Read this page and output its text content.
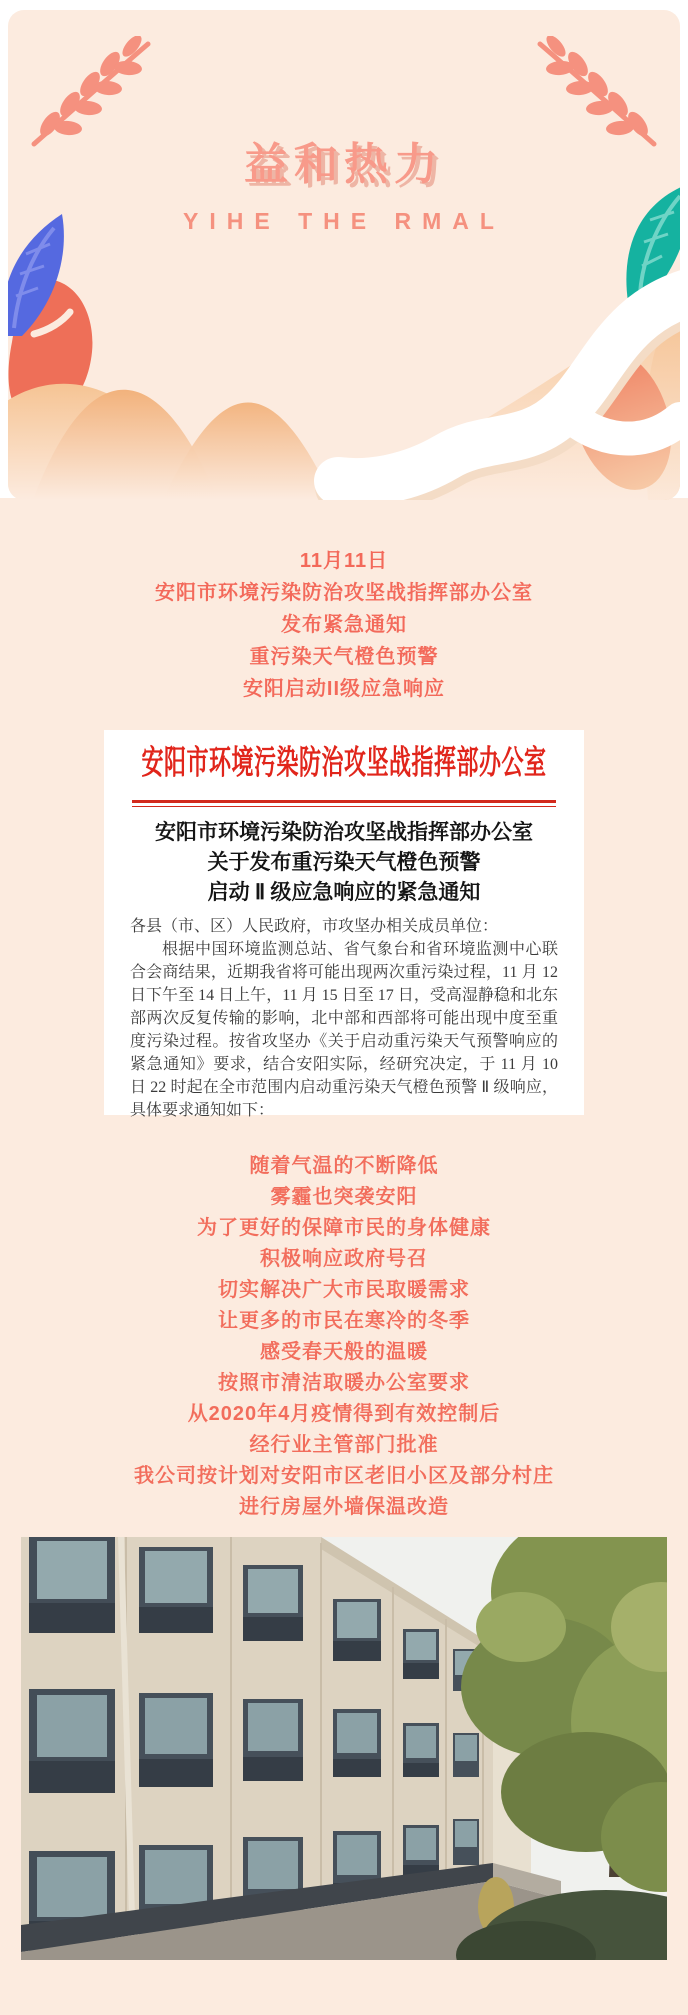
益和热力
YIHE THE RMAL

11月11日

安阳市环境污染防治攻坚战指挥部办公室

发布紧急通知

重污染天气橙色预警

安阳启动II级应急响应

安阳市环境污染防治攻坚战指挥部办公室

安阳市环境污染防治攻坚战指挥部办公室

关于发布重污染天气橙色预警

启动 Ⅱ 级应急响应的紧急通知

各县（市、区）人民政府，市攻坚办相关成员单位：

根据中国环境监测总站、省气象台和省环境监测中心联合会商结果，近期我省将可能出现两次重污染过程，11 月 12 日下午至 14 日上午，11 月 15 日至 17 日，受高湿静稳和北东部两次反复传输的影响，北中部和西部将可能出现中度至重度污染过程。按省攻坚办《关于启动重污染天气预警响应的紧急通知》要求，结合安阳实际，经研究决定，于 11 月 10 日 22 时起在全市范围内启动重污染天气橙色预警 Ⅱ 级响应，具体要求通知如下：

随着气温的不断降低

雾霾也突袭安阳

为了更好的保障市民的身体健康

积极响应政府号召

切实解决广大市民取暖需求

让更多的市民在寒冷的冬季

感受春天般的温暖

按照市清洁取暖办公室要求

从2020年4月疫情得到有效控制后

经行业主管部门批准

我公司按计划对安阳市区老旧小区及部分村庄

进行房屋外墙保温改造
